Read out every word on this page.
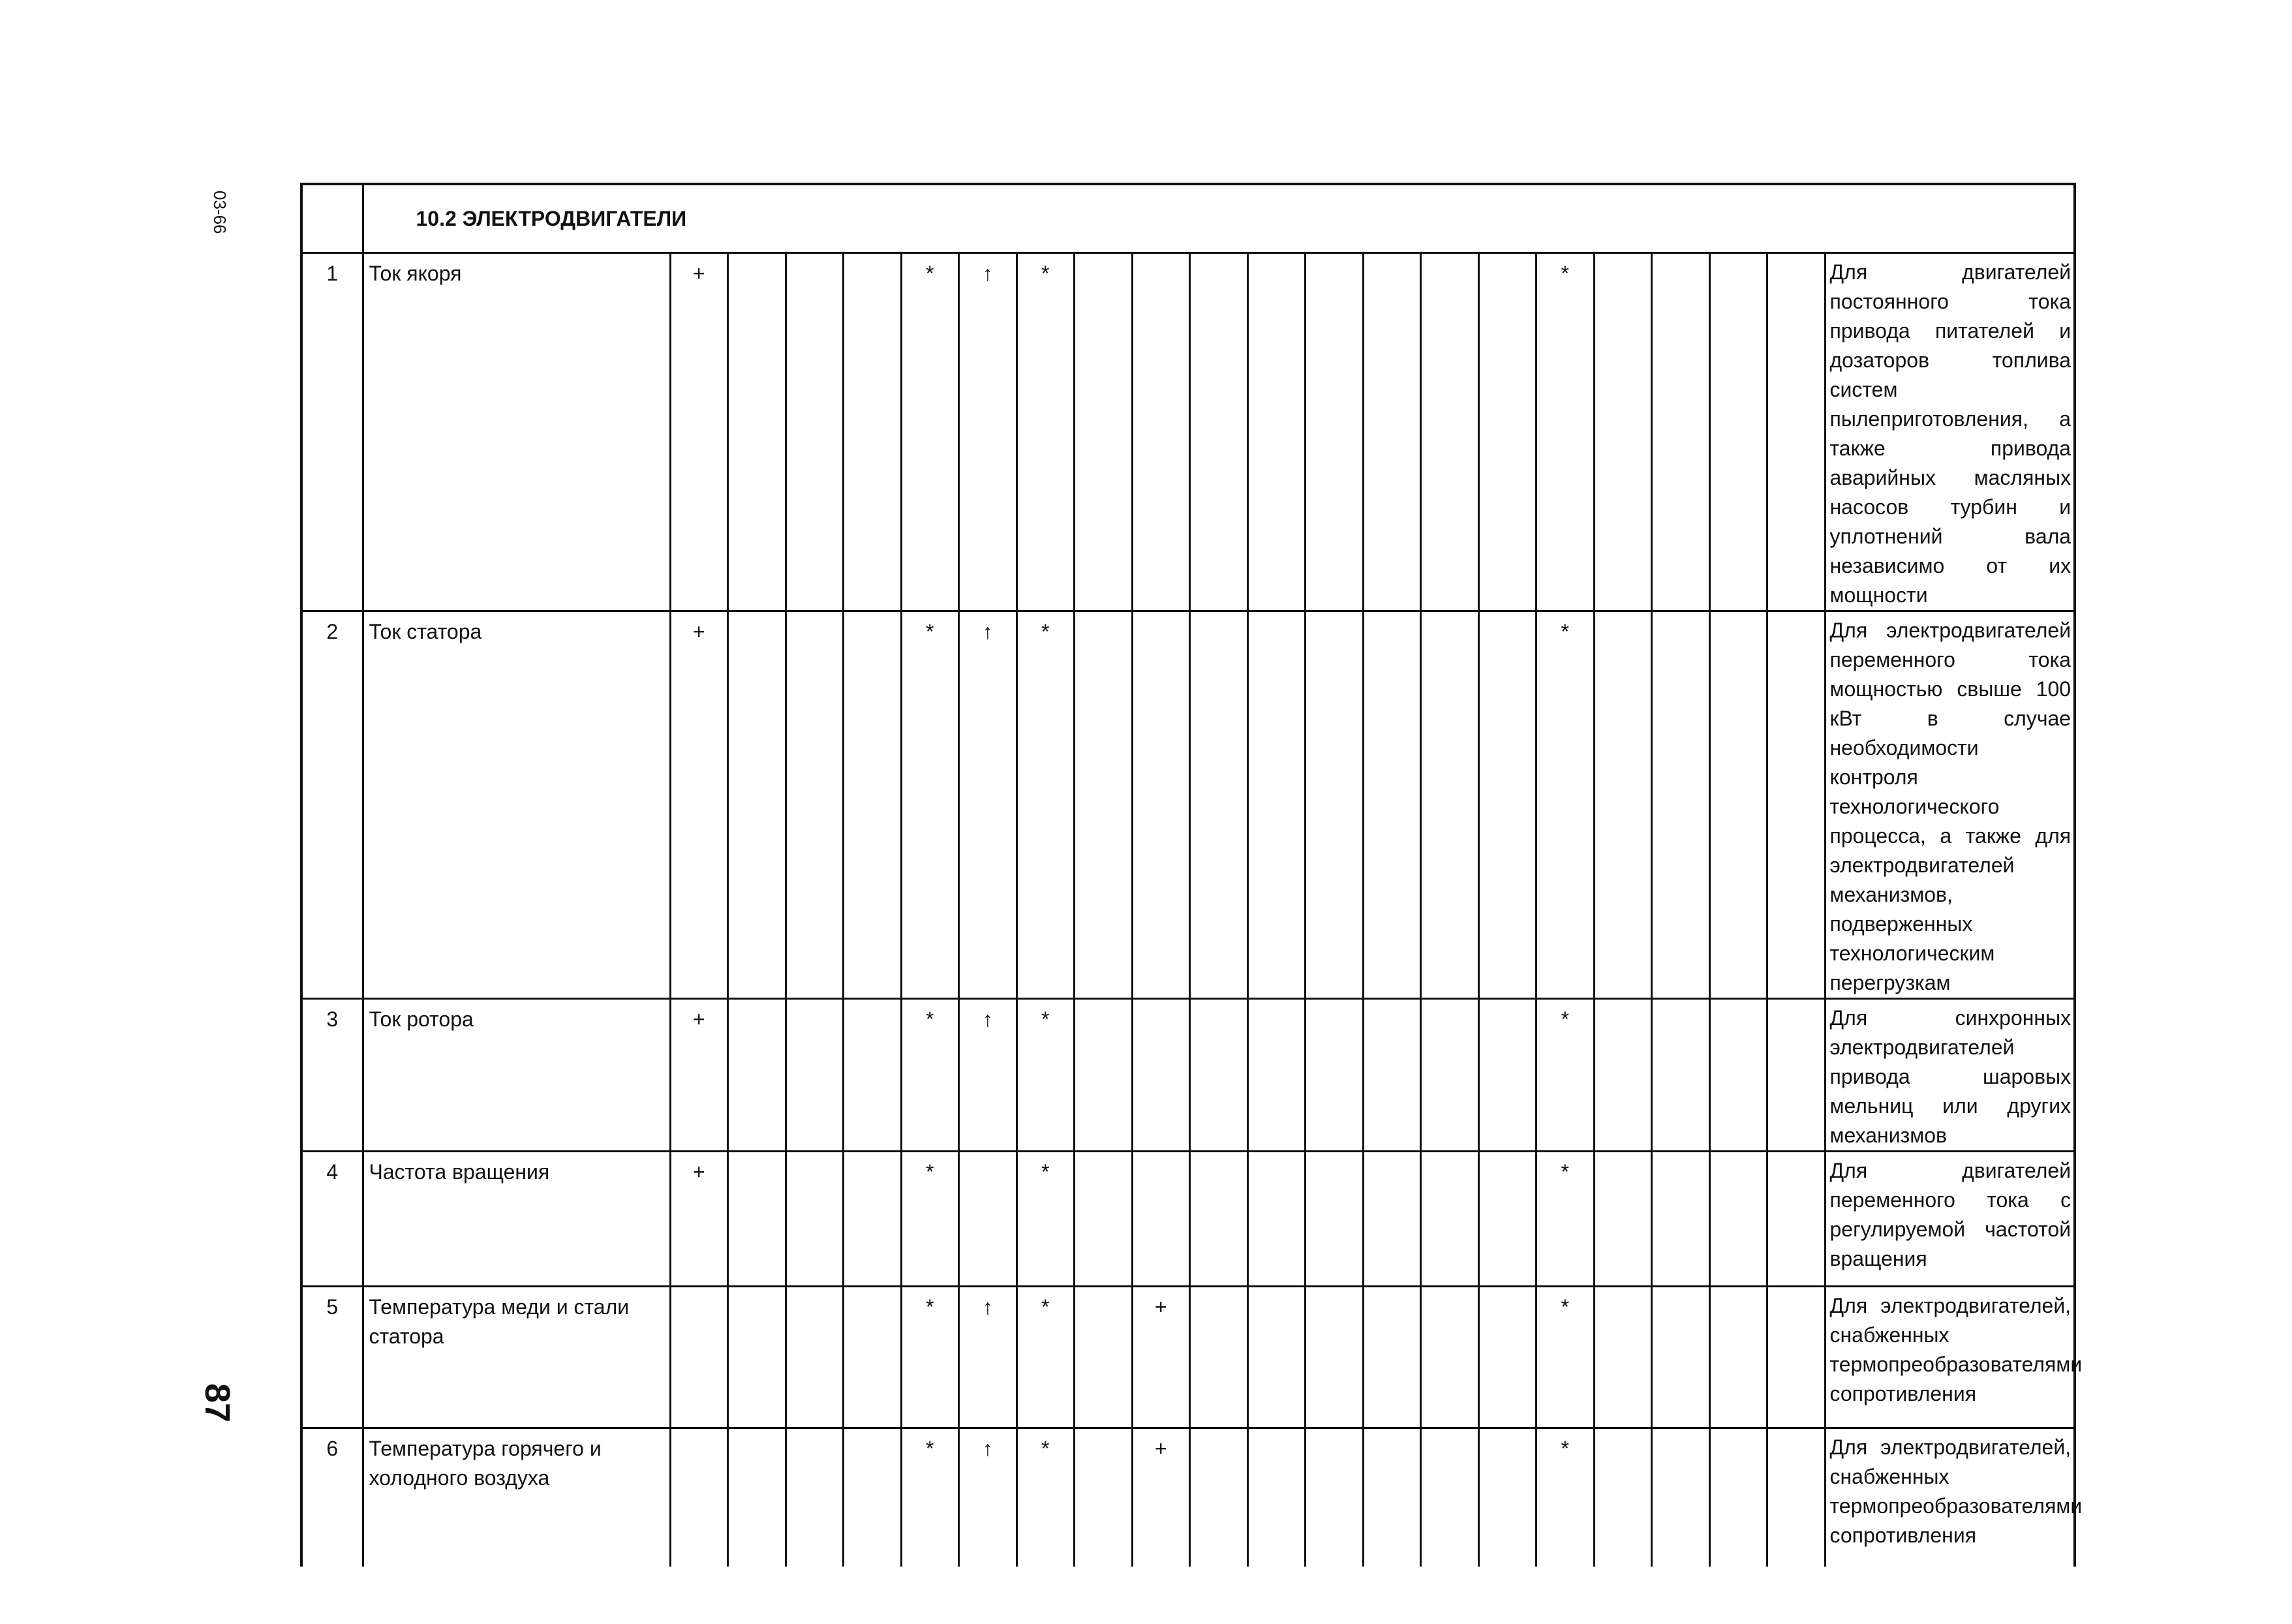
03-66
87
	10.2 ЭЛЕКТРОДВИГАТЕЛИ																					
1	Ток якоря	+				*	↑	*									*					Для двигателей постоянного тока привода питателей и дозаторов топлива систем пылеприготовления, а также привода аварийных масляных насосов турбин и уплотнений вала независимо от их мощности
2	Ток статора	+				*	↑	*									*					Для электродвигателей переменного тока мощностью свыше 100 кВт в случае необходимости контроля технологического процесса, а также для электродвигателей механизмов, подверженных технологическим перегрузкам
3	Ток ротора	+				*	↑	*									*					Для синхронных электродвигателей привода шаровых мельниц или других механизмов
4	Частота вращения	+				*		*									*					Для двигателей переменного тока с регулируемой частотой вращения
5	Температура меди и стали статора					*	↑	*		+							*					Для электродвигателей, снабженных термопреобразователями сопротивления
6	Температура горячего и холодного воздуха					*	↑	*		+							*					Для электродвигателей, снабженных термопреобразователями сопротивления
